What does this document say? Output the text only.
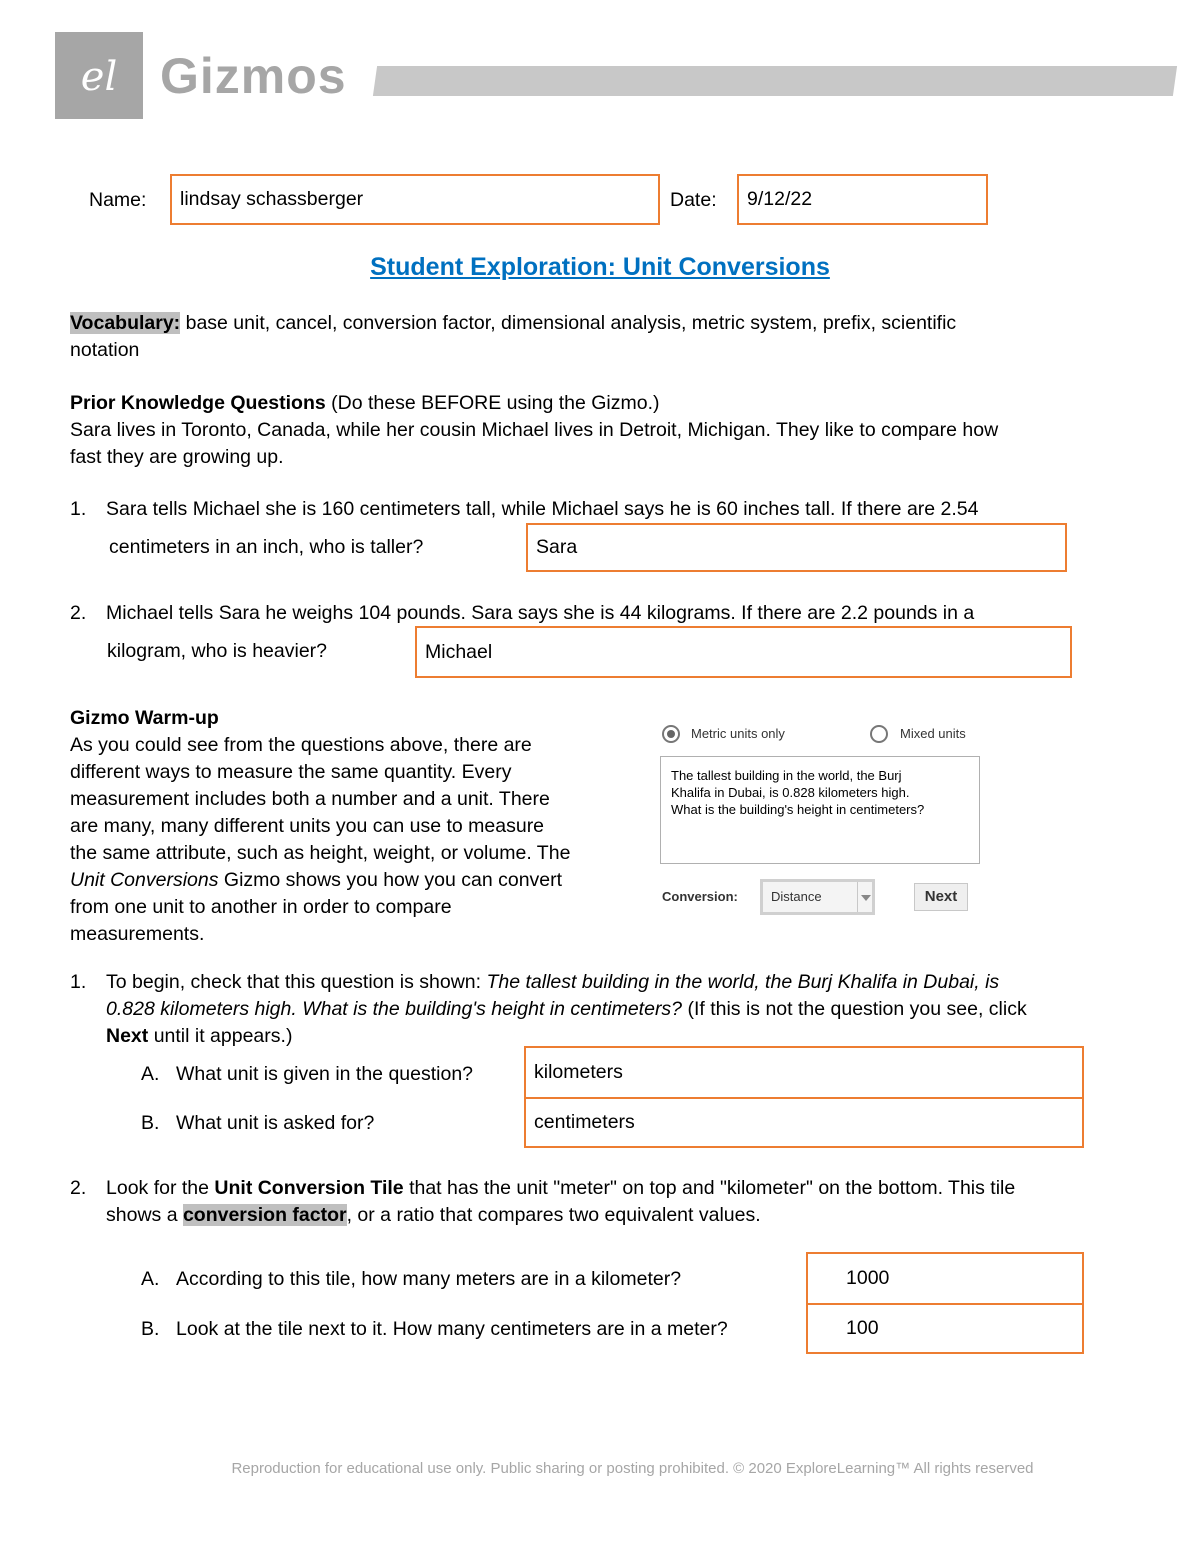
el Gizmos
Name: lindsay schassberger	Date: 9/12/22
Student Exploration: Unit Conversions
Vocabulary: base unit, cancel, conversion factor, dimensional analysis, metric system, prefix, scientific
notation
Prior Knowledge Questions (Do these BEFORE using the Gizmo.)
Sara lives in Toronto, Canada, while her cousin Michael lives in Detroit, Michigan. They like to compare how
fast they are growing up.
1. Sara tells Michael she is 160 centimeters tall, while Michael says he is 60 inches tall. If there are 2.54
centimeters in an inch, who is taller?	Sara
2. Michael tells Sara he weighs 104 pounds. Sara says she is 44 kilograms. If there are 2.2 pounds in a
kilogram, who is heavier?	Michael
Gizmo Warm-up
As you could see from the questions above, there are
different ways to measure the same quantity. Every
measurement includes both a number and a unit. There
are many, many different units you can use to measure
the same attribute, such as height, weight, or volume. The
Unit Conversions Gizmo shows you how you can convert
from one unit to another in order to compare
measurements.
Metric units only	Mixed units
The tallest building in the world, the Burj
Khalifa in Dubai, is 0.828 kilometers high.
What is the building's height in centimeters?
Conversion:	Distance	Next
1. To begin, check that this question is shown: The tallest building in the world, the Burj Khalifa in Dubai, is
0.828 kilometers high. What is the building's height in centimeters? (If this is not the question you see, click
Next until it appears.)
A. What unit is given in the question?	kilometers
B. What unit is asked for?	centimeters
2. Look for the Unit Conversion Tile that has the unit "meter" on top and "kilometer" on the bottom. This tile
shows a conversion factor, or a ratio that compares two equivalent values.
A. According to this tile, how many meters are in a kilometer?	1000
B. Look at the tile next to it. How many centimeters are in a meter?	100
Reproduction for educational use only. Public sharing or posting prohibited. © 2020 ExploreLearning™ All rights reserved
